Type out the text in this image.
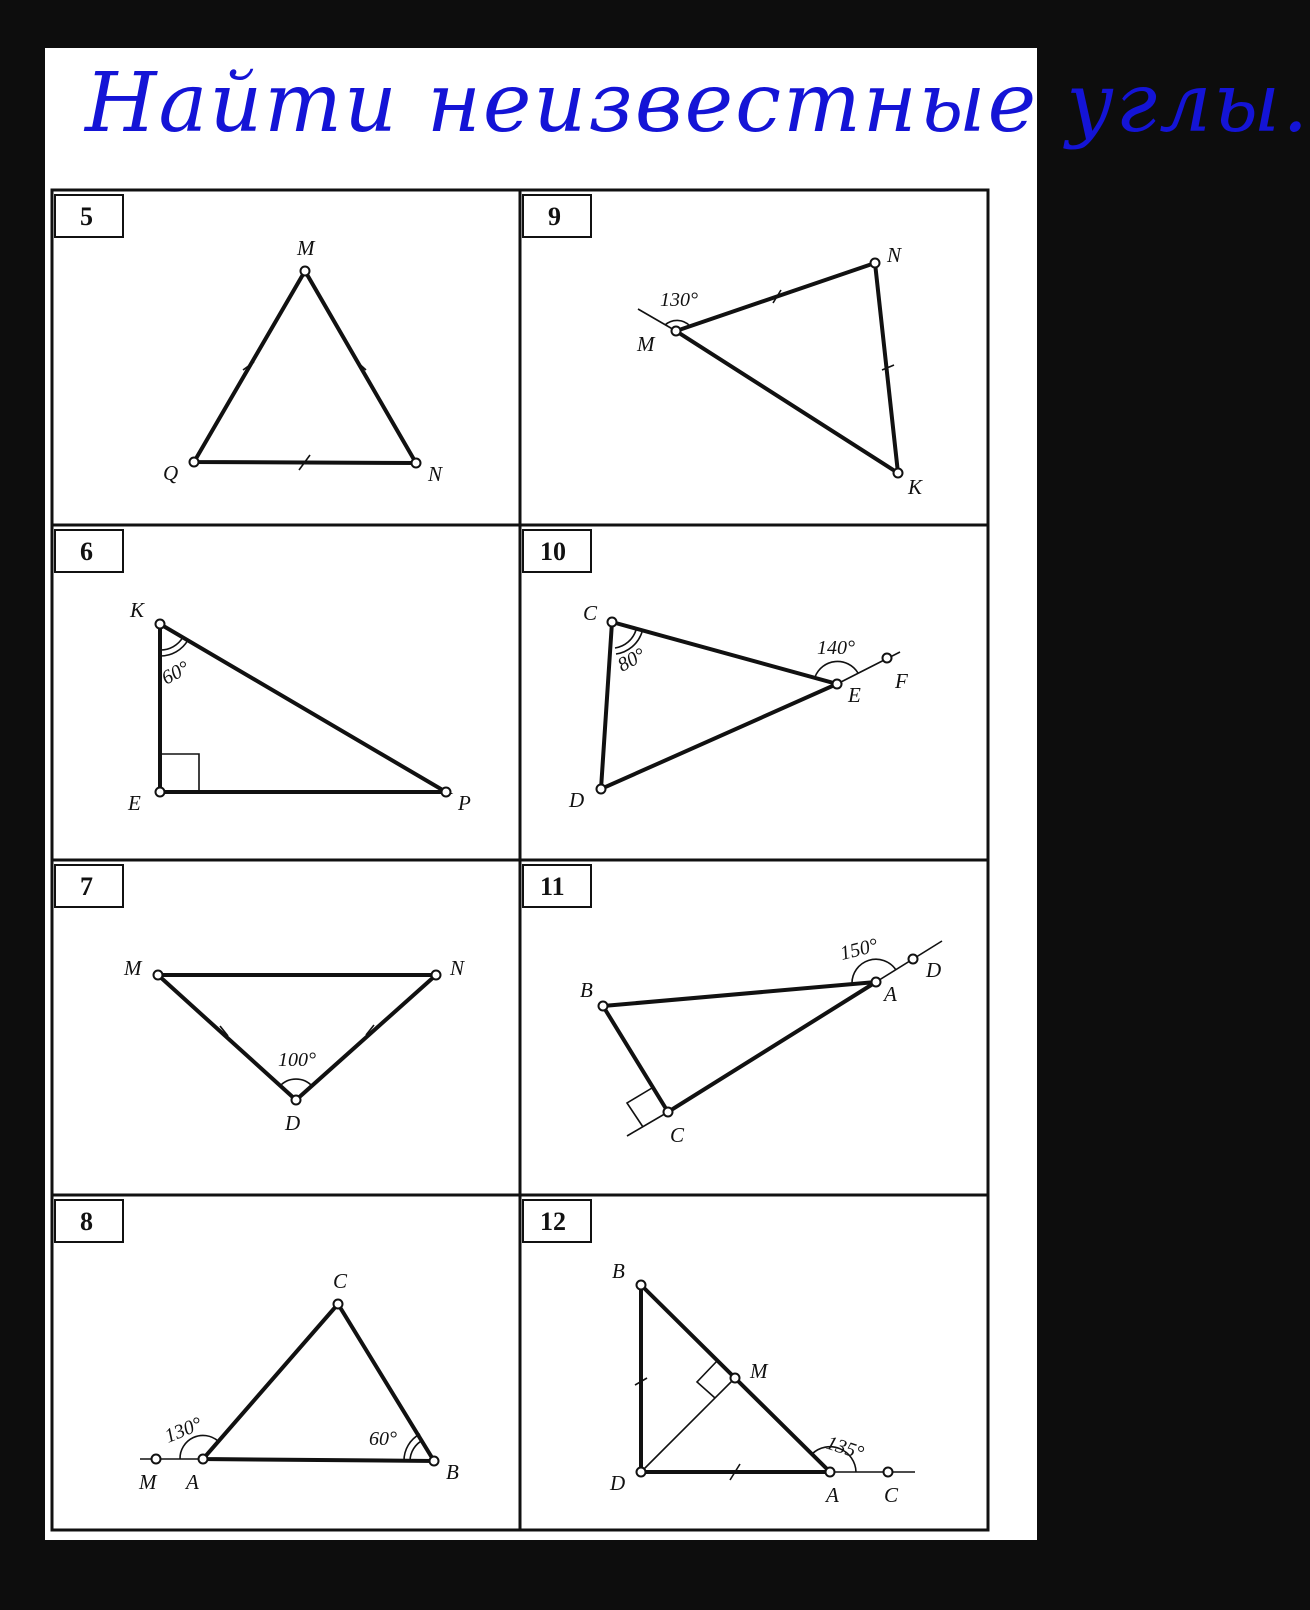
Найти неизвестные углы.
5	9
6	10
7	11
8	12
M
Q	N
130°
N
M
K
60°
K
E	P
80°	140°
C
E
F
D
100°
M	N
D
150°
B	A
D
C
130°	60°
C
M A	B
135°
B
M
D	A C
